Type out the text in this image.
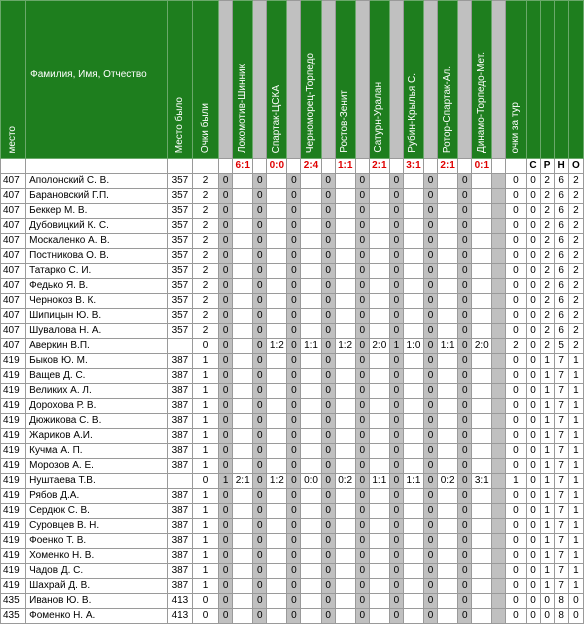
место	Фамилия, Имя, Отчество	Место было	Очки были		Локомотив-Шинник		Спартак-ЦСКА		Черноморец-Торпедо		Ростов-Зенит		Сатурн-Уралан		Рубин-Крылья С.		Ротор-Спартак-Ал.		Динамо-Торпедо-Мет.		очки за тур				
					6:1		0:0		2:4		1:1		2:1		3:1		2:1		0:1			С	Р	Н	О
407	Аполонский С. В.	357	2	0		0		0		0		0		0		0		0			0	0	2	6	2
407	Барановский Г.П.	357	2	0		0		0		0		0		0		0		0			0	0	2	6	2
407	Беккер М. В.	357	2	0		0		0		0		0		0		0		0			0	0	2	6	2
407	Дубовицкий К. С.	357	2	0		0		0		0		0		0		0		0			0	0	2	6	2
407	Москаленко А. В.	357	2	0		0		0		0		0		0		0		0			0	0	2	6	2
407	Постникова О. В.	357	2	0		0		0		0		0		0		0		0			0	0	2	6	2
407	Татарко С. И.	357	2	0		0		0		0		0		0		0		0			0	0	2	6	2
407	Федько Я. В.	357	2	0		0		0		0		0		0		0		0			0	0	2	6	2
407	Чернокоз В. К.	357	2	0		0		0		0		0		0		0		0			0	0	2	6	2
407	Шипицын Ю. В.	357	2	0		0		0		0		0		0		0		0			0	0	2	6	2
407	Шувалова Н. А.	357	2	0		0		0		0		0		0		0		0			0	0	2	6	2
407	Аверкин В.П.		0	0		0	1:2	0	1:1	0	1:2	0	2:0	1	1:0	0	1:1	0	2:0		2	0	2	5	2
419	Быков Ю. М.	387	1	0		0		0		0		0		0		0		0			0	0	1	7	1
419	Ващев Д. С.	387	1	0		0		0		0		0		0		0		0			0	0	1	7	1
419	Великих А. Л.	387	1	0		0		0		0		0		0		0		0			0	0	1	7	1
419	Дорохова Р. В.	387	1	0		0		0		0		0		0		0		0			0	0	1	7	1
419	Дюжикова С. В.	387	1	0		0		0		0		0		0		0		0			0	0	1	7	1
419	Жариков А.И.	387	1	0		0		0		0		0		0		0		0			0	0	1	7	1
419	Кучма А. П.	387	1	0		0		0		0		0		0		0		0			0	0	1	7	1
419	Морозов А. Е.	387	1	0		0		0		0		0		0		0		0			0	0	1	7	1
419	Нуштаева Т.В.		0	1	2:1	0	1:2	0	0:0	0	0:2	0	1:1	0	1:1	0	0:2	0	3:1		1	0	1	7	1
419	Рябов Д.А.	387	1	0		0		0		0		0		0		0		0			0	0	1	7	1
419	Сердюк С. В.	387	1	0		0		0		0		0		0		0		0			0	0	1	7	1
419	Суровцев В. Н.	387	1	0		0		0		0		0		0		0		0			0	0	1	7	1
419	Фоенко Т. В.	387	1	0		0		0		0		0		0		0		0			0	0	1	7	1
419	Хоменко Н. В.	387	1	0		0		0		0		0		0		0		0			0	0	1	7	1
419	Чадов Д. С.	387	1	0		0		0		0		0		0		0		0			0	0	1	7	1
419	Шахрай Д. В.	387	1	0		0		0		0		0		0		0		0			0	0	1	7	1
435	Иванов Ю. В.	413	0	0		0		0		0		0		0		0		0			0	0	0	8	0
435	Фоменко Н. А.	413	0	0		0		0		0		0		0		0		0			0	0	0	8	0
